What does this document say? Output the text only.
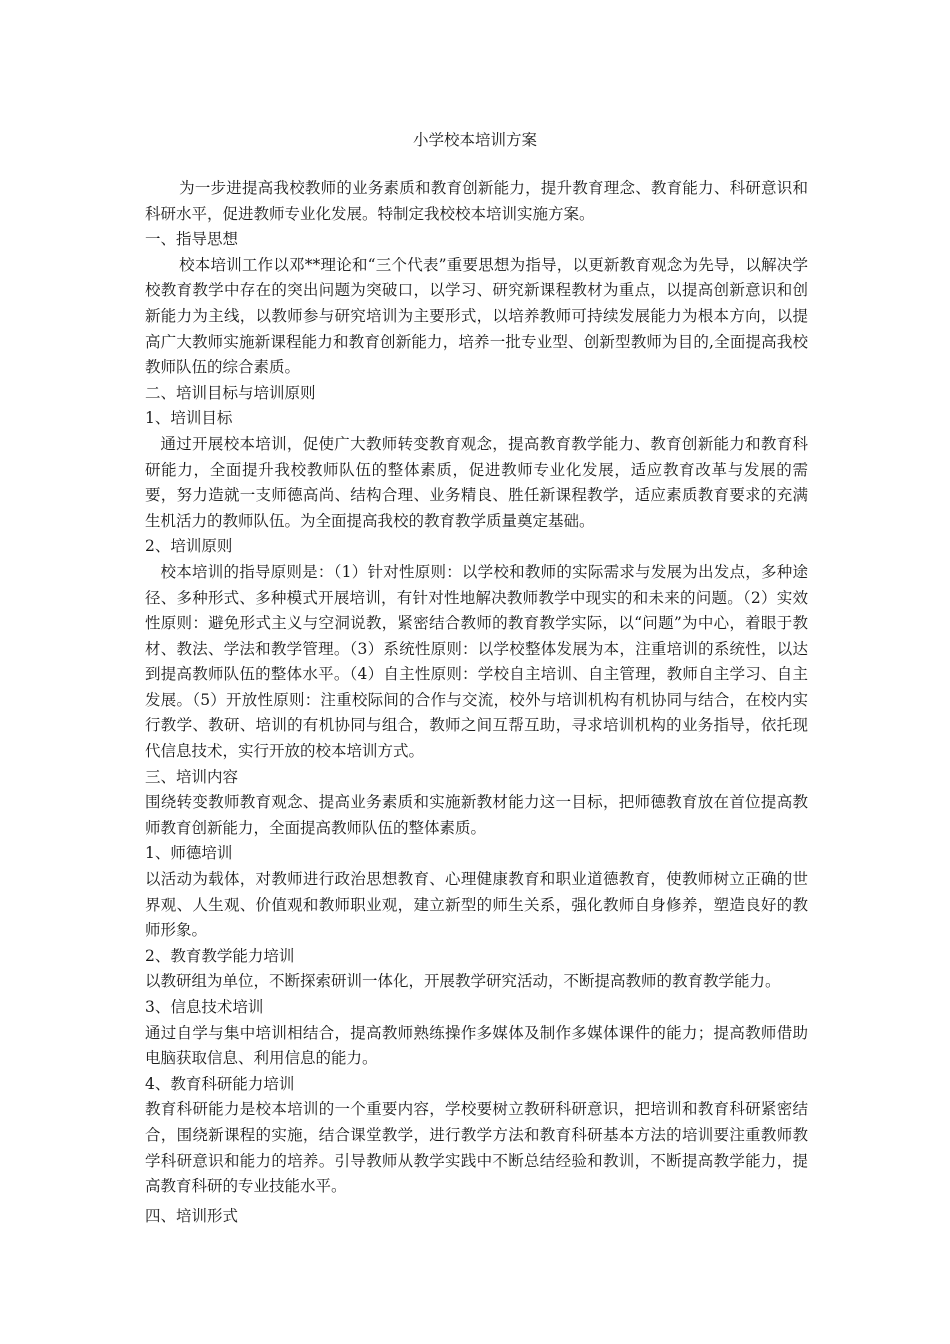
小学校本培训方案

为一步进提高我校教师的业务素质和教育创新能力，提升教育理念、教育能力、科研意识和科研水平，促进教师专业化发展。特制定我校校本培训实施方案。

一、指导思想

校本培训工作以邓**理论和“三个代表”重要思想为指导，以更新教育观念为先导，以解决学校教育教学中存在的突出问题为突破口，以学习、研究新课程教材为重点，以提高创新意识和创新能力为主线，以教师参与研究培训为主要形式，以培养教师可持续发展能力为根本方向，以提高广大教师实施新课程能力和教育创新能力，培养一批专业型、创新型教师为目的,全面提高我校教师队伍的综合素质。

二、培训目标与培训原则

1、培训目标

通过开展校本培训，促使广大教师转变教育观念，提高教育教学能力、教育创新能力和教育科研能力，全面提升我校教师队伍的整体素质，促进教师专业化发展，适应教育改革与发展的需要，努力造就一支师德高尚、结构合理、业务精良、胜任新课程教学，适应素质教育要求的充满生机活力的教师队伍。为全面提高我校的教育教学质量奠定基础。

2、培训原则

校本培训的指导原则是：（1）针对性原则：以学校和教师的实际需求与发展为出发点，多种途径、多种形式、多种模式开展培训，有针对性地解决教师教学中现实的和未来的问题。（2）实效性原则：避免形式主义与空洞说教，紧密结合教师的教育教学实际，以“问题”为中心，着眼于教材、教法、学法和教学管理。（3）系统性原则：以学校整体发展为本，注重培训的系统性，以达到提高教师队伍的整体水平。（4）自主性原则：学校自主培训、自主管理，教师自主学习、自主发展。（5）开放性原则：注重校际间的合作与交流，校外与培训机构有机协同与结合，在校内实行教学、教研、培训的有机协同与组合，教师之间互帮互助，寻求培训机构的业务指导，依托现代信息技术，实行开放的校本培训方式。

三、培训内容

围绕转变教师教育观念、提高业务素质和实施新教材能力这一目标，把师德教育放在首位提高教师教育创新能力，全面提高教师队伍的整体素质。

1、师德培训

以活动为载体，对教师进行政治思想教育、心理健康教育和职业道德教育，使教师树立正确的世界观、人生观、价值观和教师职业观，建立新型的师生关系，强化教师自身修养，塑造良好的教师形象。

2、教育教学能力培训

以教研组为单位，不断探索研训一体化，开展教学研究活动，不断提高教师的教育教学能力。

3、信息技术培训

通过自学与集中培训相结合，提高教师熟练操作多媒体及制作多媒体课件的能力；提高教师借助电脑获取信息、利用信息的能力。

4、教育科研能力培训

教育科研能力是校本培训的一个重要内容，学校要树立教研科研意识，把培训和教育科研紧密结合，围绕新课程的实施，结合课堂教学，进行教学方法和教育科研基本方法的培训要注重教师教学科研意识和能力的培养。引导教师从教学实践中不断总结经验和教训，不断提高教学能力，提高教育科研的专业技能水平。

四、培训形式
